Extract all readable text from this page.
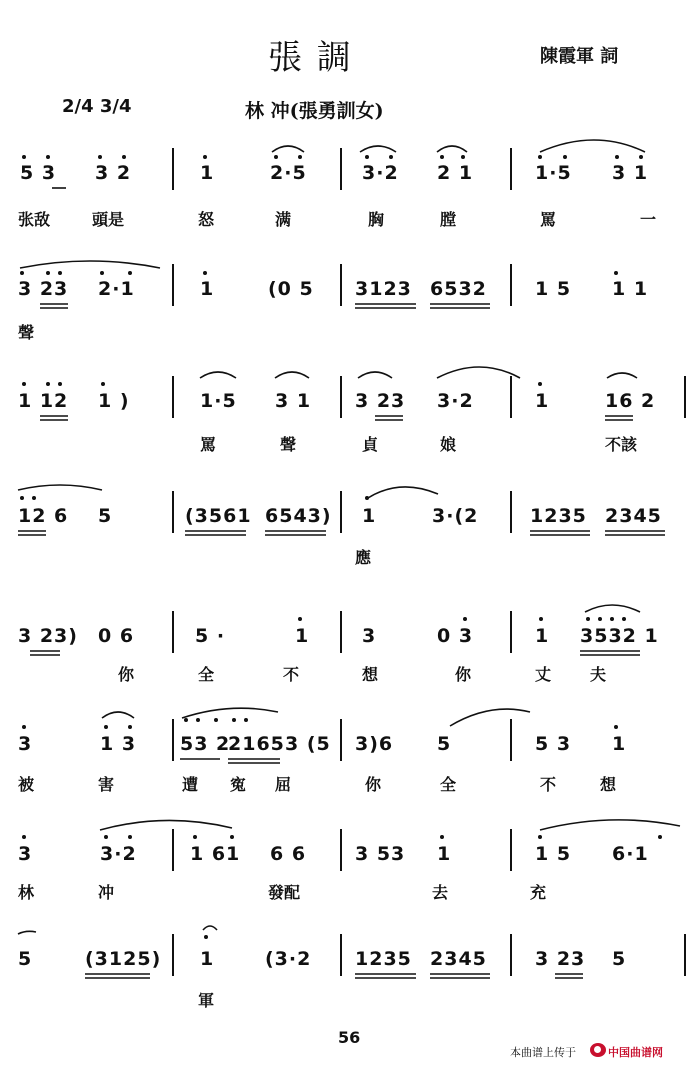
張 調	陳霞軍 詞
2/4 3/4	林 冲(張勇訓女)
5 3 3 2	1	2·5	3·2 2 1	1·5 3 1
张敌	頭是	怒	满	胸	膛	罵	一
3 23 2·1	1	(0 5 3123 6532	1 5 1 1
聲
1 12 1 )	1·5 3 1 3 23 3·2	1	16 2
罵	聲	貞	娘	不該
12 6 5	(3561 6543) 1	3·(2	1235 2345
應
3 23) 0 6	5 ·	1	3	0 3	1 3532 1
你	全	不	想	你	丈 夫
3	1 3 53 2
2165 3 (5 3)6 5	5 3 1
被	害	遭 寃 屈	你	全	不	想
3	3·2	1 61 6 6	3 53 1	1 5 6·1
林	冲	發配	去	充
5	(3125) 1	(3·2 1235 2345	3 23 5
軍
56
本曲谱上传于	中国曲谱网
